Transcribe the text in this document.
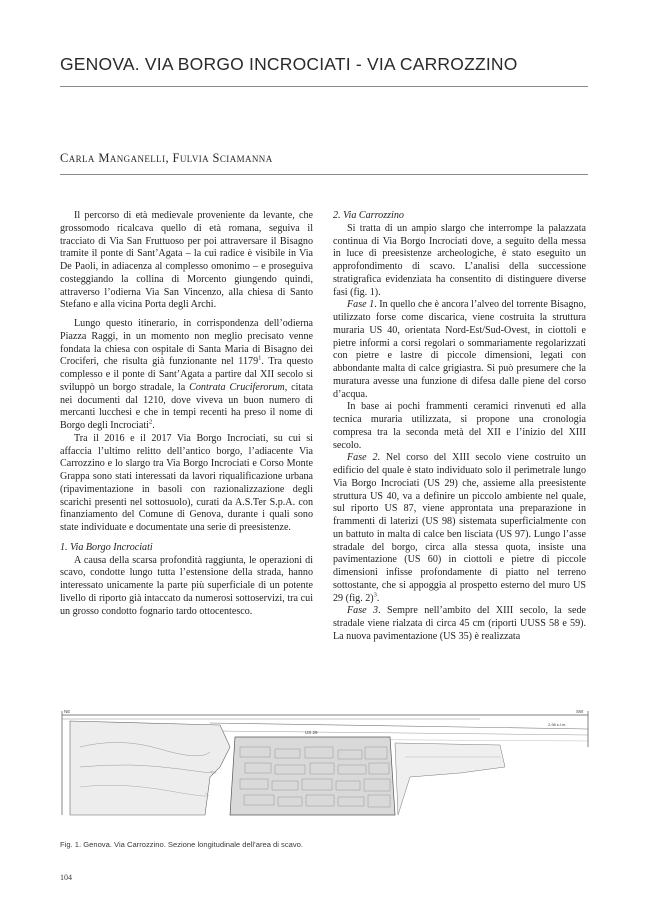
GENOVA. VIA BORGO INCROCIATI - VIA CARROZZINO
Carla Manganelli, Fulvia Sciamanna

Il percorso di età medievale proveniente da levante, che grossomodo ricalcava quello di età romana, seguiva il tracciato di Via San Fruttuoso per poi attraversare il Bisagno tramite il ponte di Sant’Agata – la cui radice è visibile in Via De Paoli, in adiacenza al complesso omonimo – e proseguiva costeggiando la collina di Morcento giungendo quindi, attraverso l’odierna Via San Vincenzo, alla chiesa di Santo Stefano e alla vicina Porta degli Archi.

Lungo questo itinerario, in corrispondenza dell’odierna Piazza Raggi, in un momento non meglio precisato venne fondata la chiesa con ospitale di Santa Maria di Bisagno dei Crociferi, che risulta già funzionante nel 1179$^1$. Tra questo complesso e il ponte di Sant’Agata a partire dal XII secolo si sviluppò un borgo stradale, la Contrata Cruciferorum, citata nei documenti dal 1210, dove viveva un buon numero di mercanti lucchesi e che in tempi recenti ha preso il nome di Borgo degli Incrociati$^2$.

Tra il 2016 e il 2017 Via Borgo Incrociati, su cui si affaccia l’ultimo relitto dell’antico borgo, l’adiacente Via Carrozzino e lo slargo tra Via Borgo Incrociati e Corso Monte Grappa sono stati interessati da lavori riqualificazione urbana (ripavimentazione in basoli con razionalizzazione degli scarichi presenti nel sottosuolo), curati da A.S.Ter S.p.A. con finanziamento del Comune di Genova, durante i quali sono state individuate e documentate una serie di preesistenze.

1. Via Borgo Incrociati

A causa della scarsa profondità raggiunta, le operazioni di scavo, condotte lungo tutta l’estensione della strada, hanno interessato unicamente la parte più superficiale di un potente livello di riporto già intaccato da numerosi sottoservizi, tra cui un grosso condotto fognario tardo ottocentesco.

2. Via Carrozzino

Si tratta di un ampio slargo che interrompe la palazzata continua di Via Borgo Incrociati dove, a seguito della messa in luce di preesistenze archeologiche, è stato eseguito un approfondimento di scavo. L’analisi della successione stratigrafica evidenziata ha consentito di distinguere diverse fasi (fig. 1).

Fase 1. In quello che è ancora l’alveo del torrente Bisagno, utilizzato forse come discarica, viene costruita la struttura muraria US 40, orientata Nord-Est/Sud-Ovest, in ciottoli e pietre informi a corsi regolari o sommariamente regolarizzati con pietre e lastre di piccole dimensioni, legati con abbondante malta di calce grigiastra. Si può presumere che la muratura avesse una funzione di difesa dalle piene del corso d’acqua.

In base ai pochi frammenti ceramici rinvenuti ed alla tecnica muraria utilizzata, si propone una cronologia compresa tra la seconda metà del XII e l’inizio del XIII secolo.

Fase 2. Nel corso del XIII secolo viene costruito un edificio del quale è stato individuato solo il perimetrale lungo Via Borgo Incrociati (US 29) che, assieme alla preesistente struttura US 40, va a definire un piccolo ambiente nel quale, sul riporto US 87, viene approntata una preparazione in frammenti di laterizi (US 98) sistemata superficialmente con un battuto in malta di calce ben lisciata (US 97). Lungo l’asse stradale del borgo, circa alla stessa quota, insiste una pavimentazione (US 60) in ciottoli e pietre di piccole dimensioni infisse profondamente di piatto nel terreno sottostante, che si appoggia al prospetto esterno del muro US 29 (fig. 2)$^3$.

Fase 3. Sempre nell’ambito del XIII secolo, la sede stradale viene rialzata di circa 45 cm (riporti UUSS 58 e 59). La nuova pavimentazione (US 35) è realizzata

NE	SW
US 29
2,98 s.l.m.
Fig. 1. Genova. Via Carrozzino. Sezione longitudinale dell’area di scavo.
104
